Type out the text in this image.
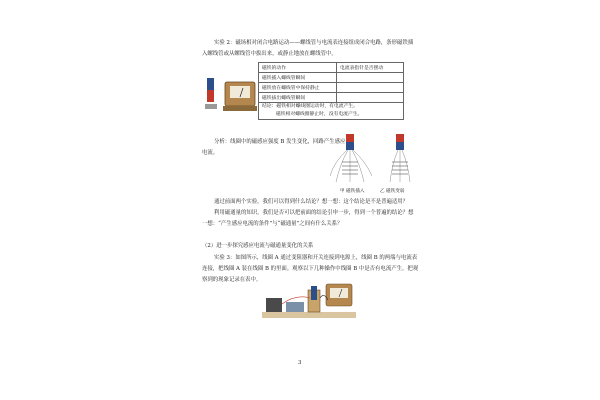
实验 2：磁场相对闭合电路运动——螺线管与电流表连接组成闭合电路，条形磁铁插
入螺线管或从螺线管中拔出来，或静止地放在螺线管中。
磁铁的动作	电流表指针是否摆动
磁铁插入螺线管瞬间	
磁铁放在螺线管中保持静止	
磁铁拔出螺线管瞬间	

结论：磁铁相对螺线圈运动时，有电流产生。
磁铁相对螺线圈静止时，没有电流产生。	
分析：线圈中的磁感应强度 B 发生变化，回路产生感应
电流。
甲 磁铁插入	乙 磁铁变弱
通过前面两个实验，我们可以得到什么结论？想一想：这个结论是不是普遍适用？
利用磁通量的知识，我们是否可以把前面的结论引申一步，得到一个普遍的结论？想
一想：“产生感应电流的条件”与“磁通量”之间有什么关系？
（2）进一步探究感应电流与磁通量变化的关系
实验 3：如图所示，线圈 A 通过变阻器和开关连接到电源上，线圈 B 的两端与电流表
连接，把线圈 A 装在线圈 B 的里面。观察以下几种操作中线圈 B 中是否有电流产生。把观
察到的现象记录在表中。
3
